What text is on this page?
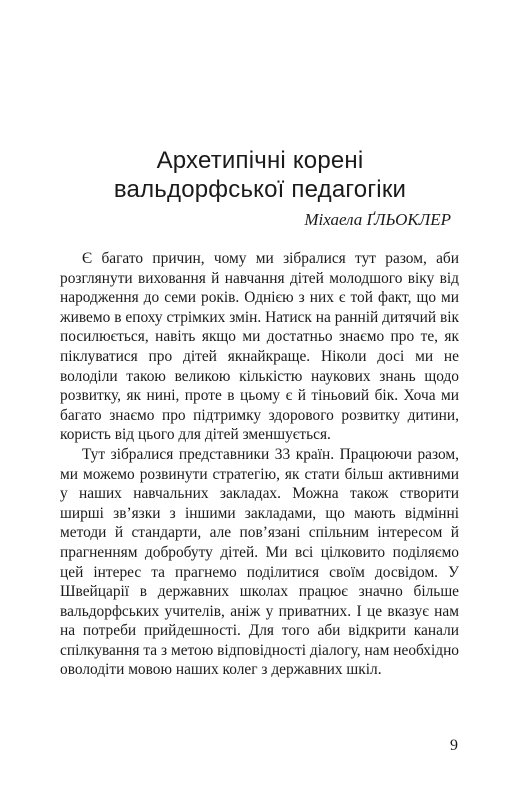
Архетипічні корені
вальдорфської педагогіки

Міхаела ҐЛЬОКЛЕР

Є багато причин, чому ми зібралися тут разом, аби розглянути виховання й навчання дітей молодшого віку від народження до семи років. Однією з них є той факт, що ми живемо в епоху стрімких змін. Натиск на ранній дитячий вік посилюється, навіть якщо ми достатньо знаємо про те, як піклуватися про дітей якнайкраще. Ніколи досі ми не володіли такою великою кількістю наукових знань щодо розвитку, як нині, проте в цьому є й тіньовий бік. Хоча ми багато знаємо про підтримку здорового розвитку дитини, користь від цього для дітей зменшується.

Тут зібралися представники 33 країн. Працюючи разом, ми можемо розвинути стратегію, як стати більш активними у наших навчальних закладах. Можна також створити ширші зв’язки з іншими закладами, що мають відмінні методи й стандарти, але пов’язані спільним інтересом й прагненням добробуту дітей. Ми всі цілковито поділяємо цей інтерес та прагнемо поділитися своїм досвідом. У Швейцарії в державних школах працює значно більше вальдорфських учителів, аніж у приватних. І це вказує нам на потреби прийдешності. Для того аби відкрити канали спілкування та з метою відповідності діалогу, нам необхідно оволодіти мовою наших колег з державних шкіл.

9
